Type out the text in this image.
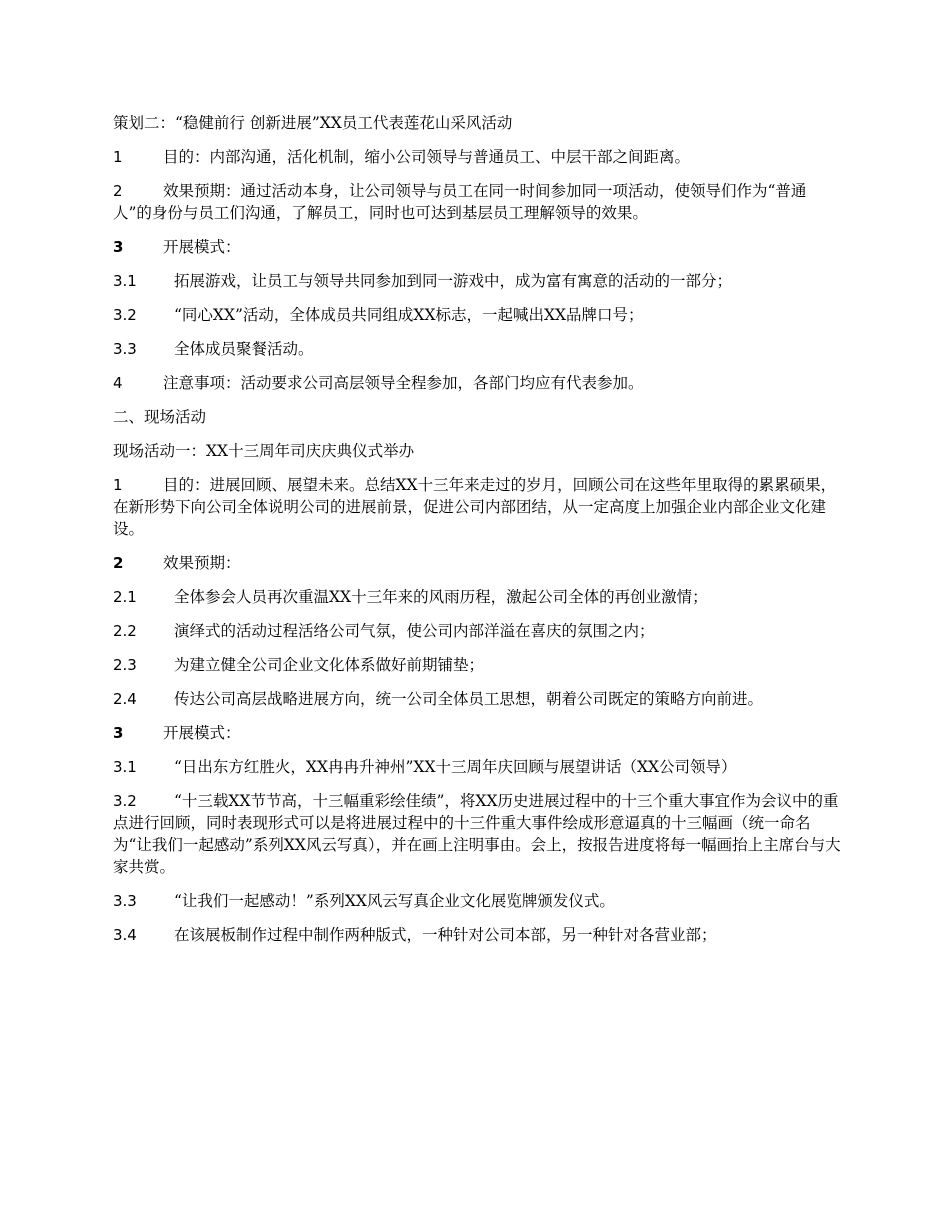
策划二：“稳健前行 创新进展”XX员工代表莲花山采风活动

1	目的：内部沟通，活化机制，缩小公司领导与普通员工、中层干部之间距离。

2	效果预期：通过活动本身，让公司领导与员工在同一时间参加同一项活动，使领导们作为“普通人”的身份与员工们沟通，了解员工，同时也可达到基层员工理解领导的效果。

3	开展模式：

3.1 拓展游戏，让员工与领导共同参加到同一游戏中，成为富有寓意的活动的一部分；

3.2 “同心XX”活动，全体成员共同组成XX标志，一起喊出XX品牌口号；

3.3 全体成员聚餐活动。

4	注意事项：活动要求公司高层领导全程参加，各部门均应有代表参加。

二、现场活动

现场活动一：XX十三周年司庆庆典仪式举办

1	目的：进展回顾、展望未来。总结XX十三年来走过的岁月，回顾公司在这些年里取得的累累硕果，在新形势下向公司全体说明公司的进展前景，促进公司内部团结，从一定高度上加强企业内部企业文化建设。

2	效果预期：

2.1 全体参会人员再次重温XX十三年来的风雨历程，激起公司全体的再创业激情；

2.2 演绎式的活动过程活络公司气氛，使公司内部洋溢在喜庆的氛围之内；

2.3 为建立健全公司企业文化体系做好前期铺垫；

2.4 传达公司高层战略进展方向，统一公司全体员工思想，朝着公司既定的策略方向前进。

3	开展模式：

3.1 “日出东方红胜火，XX冉冉升神州”XX十三周年庆回顾与展望讲话（XX公司领导）

3.2 “十三载XX节节高，十三幅重彩绘佳绩”，将XX历史进展过程中的十三个重大事宜作为会议中的重点进行回顾，同时表现形式可以是将进展过程中的十三件重大事件绘成形意逼真的十三幅画（统一命名为“让我们一起感动”系列XX风云写真），并在画上注明事由。会上，按报告进度将每一幅画抬上主席台与大家共赏。

3.3 “让我们一起感动！”系列XX风云写真企业文化展览牌颁发仪式。

3.4 在该展板制作过程中制作两种版式，一种针对公司本部，另一种针对各营业部；
